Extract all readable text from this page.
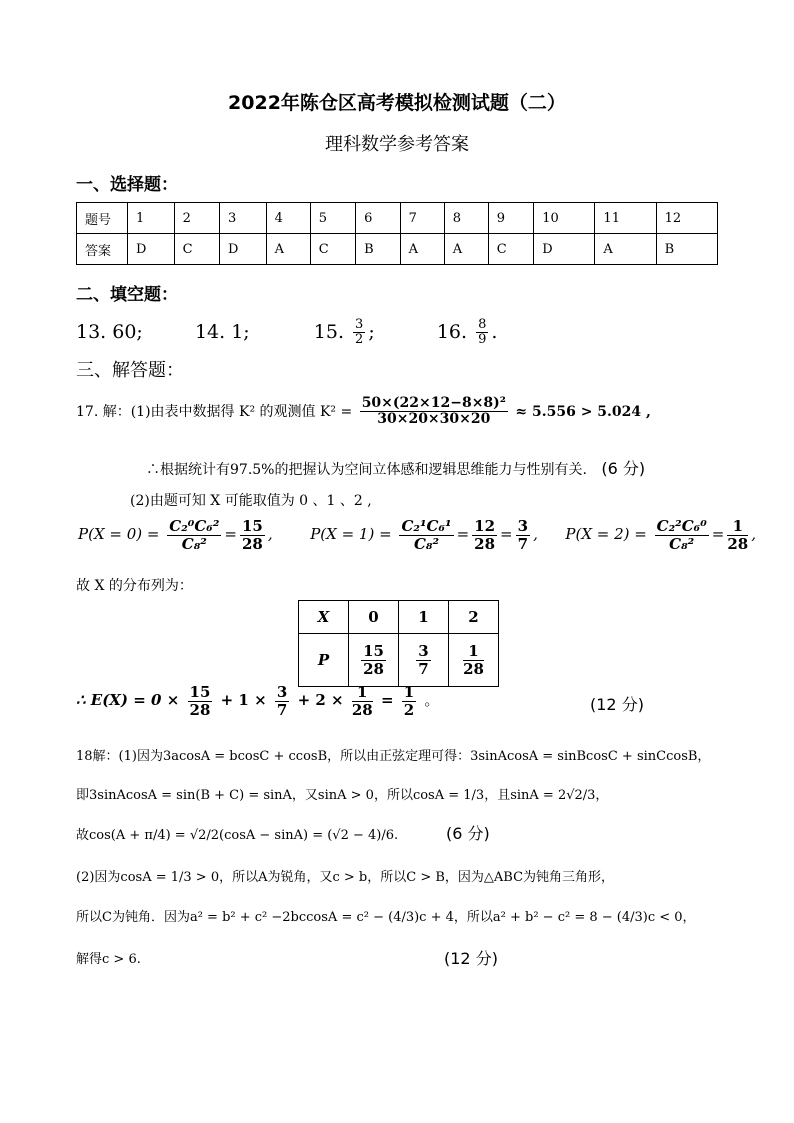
2022年陈仓区高考模拟检测试题（二）
理科数学参考答案
一、选择题：
题号	1	2	3	4	5	6	7	8	9	10	11	12
答案	D	C	D	A	C	B	A	A	C	D	A	B
二、填空题：
13. 60;	14. 1;	15. $\frac{3}{2}$ ;	16. $\frac{8}{9}$ .
三、解答题：
17. 解：(1)由表中数据得 K² 的观测值 $K^2 = \frac{\text{50×(22×12−8×8)²}}{30\times 20\times 30\times 20} \approx 5.556 > 5.024$ ,
∴根据统计有97.5%的把握认为空间立体感和逻辑思维能力与性别有关. (6 分)
(2)由题可知 X 可能取值为 0 、1 、2 ,
$P(X = 0) = \frac{\text{C₂⁰C₆²}}{\text{C₈²}} = \frac{15}{28}$ ,  $P(X = 1) = \frac{\text{C₂¹C₆¹}}{\text{C₈²}} = \frac{12}{28} = \frac{3}{7}$ ,  $P(X = 2) = \frac{\text{C₂²C₆⁰}}{\text{C₈²}} = \frac{1}{28}$ ,
故 X 的分布列为：
X	0	1	2
P	$\frac{15}{28}$	$\frac{3}{7}$	$\frac{1}{28}$
∴ $E(X) = 0 \times \frac{15}{28} + 1 \times \frac{3}{7} + 2 \times \frac{1}{28} = \frac{1}{2}$ 。	(12 分)
18解：(1)因为3acosA = bcosC + ccosB，所以由正弦定理可得：3sinAcosA = sinBcosC + sinCcosB，
即3sinAcosA = sin(B + C) = sinA，又sinA > 0，所以cosA = 1/3，且sinA = 2√2/3，
故cos(A + π/4) = √2/2(cosA − sinA) = (√2 − 4)/6.	(6 分)
(2)因为cosA = 1/3 > 0，所以A为锐角，又c > b，所以C > B，因为△ABC为钝角三角形，
所以C为钝角．因为a² = b² + c² −2bccosA = c² − (4/3)c + 4，所以a² + b² − c² = 8 − (4/3)c < 0，
解得c > 6.	(12 分)
